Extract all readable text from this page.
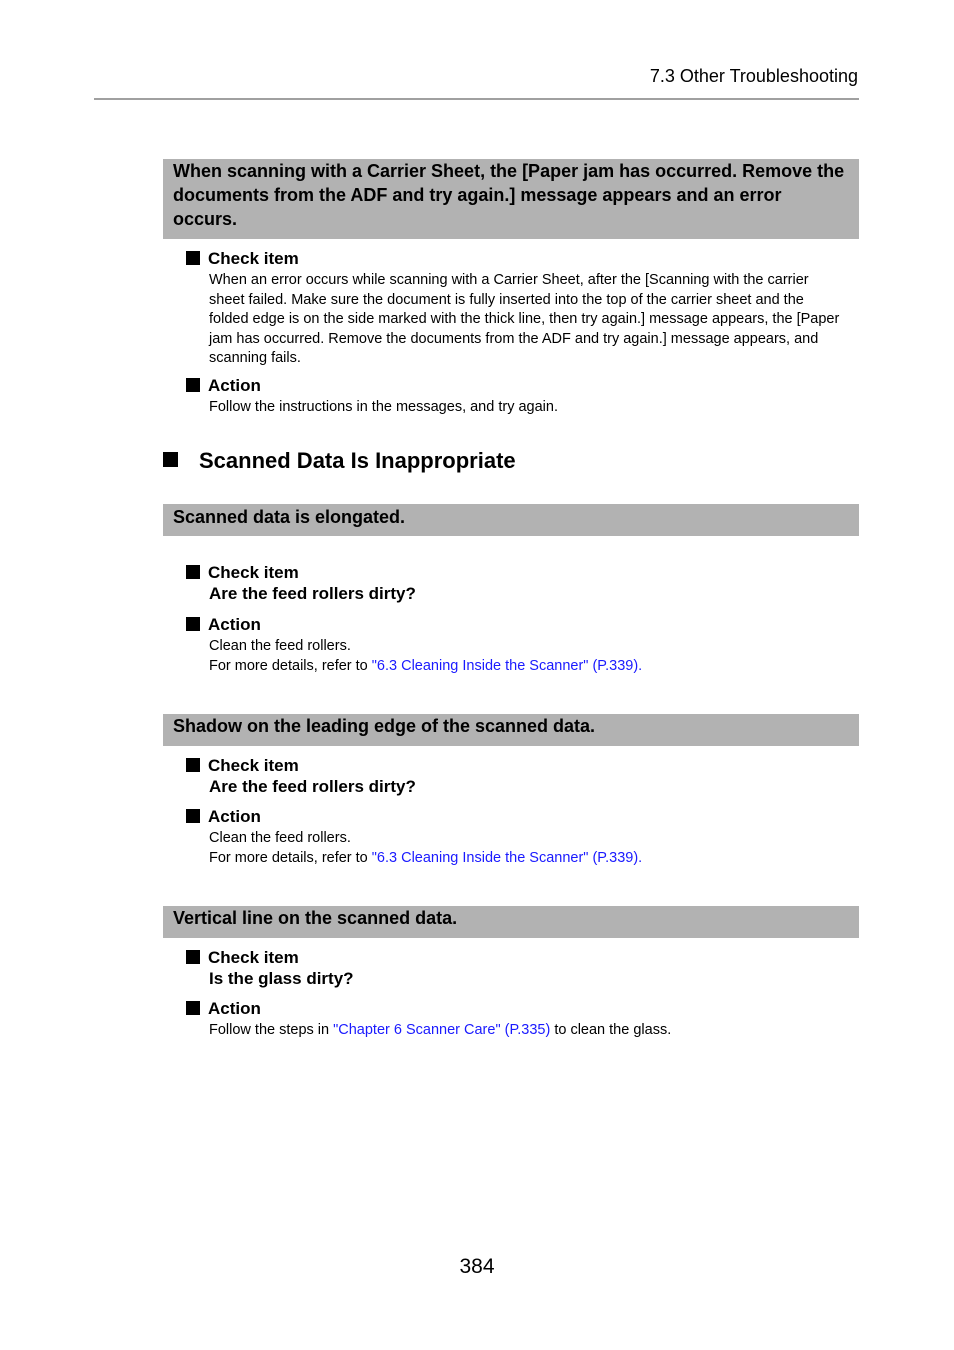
7.3 Other Troubleshooting
When scanning with a Carrier Sheet, the [Paper jam has occurred. Remove the documents from the ADF and try again.] message appears and an error occurs.
Check item
When an error occurs while scanning with a Carrier Sheet, after the [Scanning with the carrier sheet failed. Make sure the document is fully inserted into the top of the carrier sheet and the folded edge is on the side marked with the thick line, then try again.] message appears, the [Paper jam has occurred. Remove the documents from the ADF and try again.] message appears, and scanning fails.
Action
Follow the instructions in the messages, and try again.
Scanned Data Is Inappropriate
Scanned data is elongated.
Check item
Are the feed rollers dirty?
Action
Clean the feed rollers.
For more details, refer to "6.3 Cleaning Inside the Scanner" (P.339).
Shadow on the leading edge of the scanned data.
Check item
Are the feed rollers dirty?
Action
Clean the feed rollers.
For more details, refer to "6.3 Cleaning Inside the Scanner" (P.339).
Vertical line on the scanned data.
Check item
Is the glass dirty?
Action
Follow the steps in "Chapter 6 Scanner Care" (P.335) to clean the glass.
384
